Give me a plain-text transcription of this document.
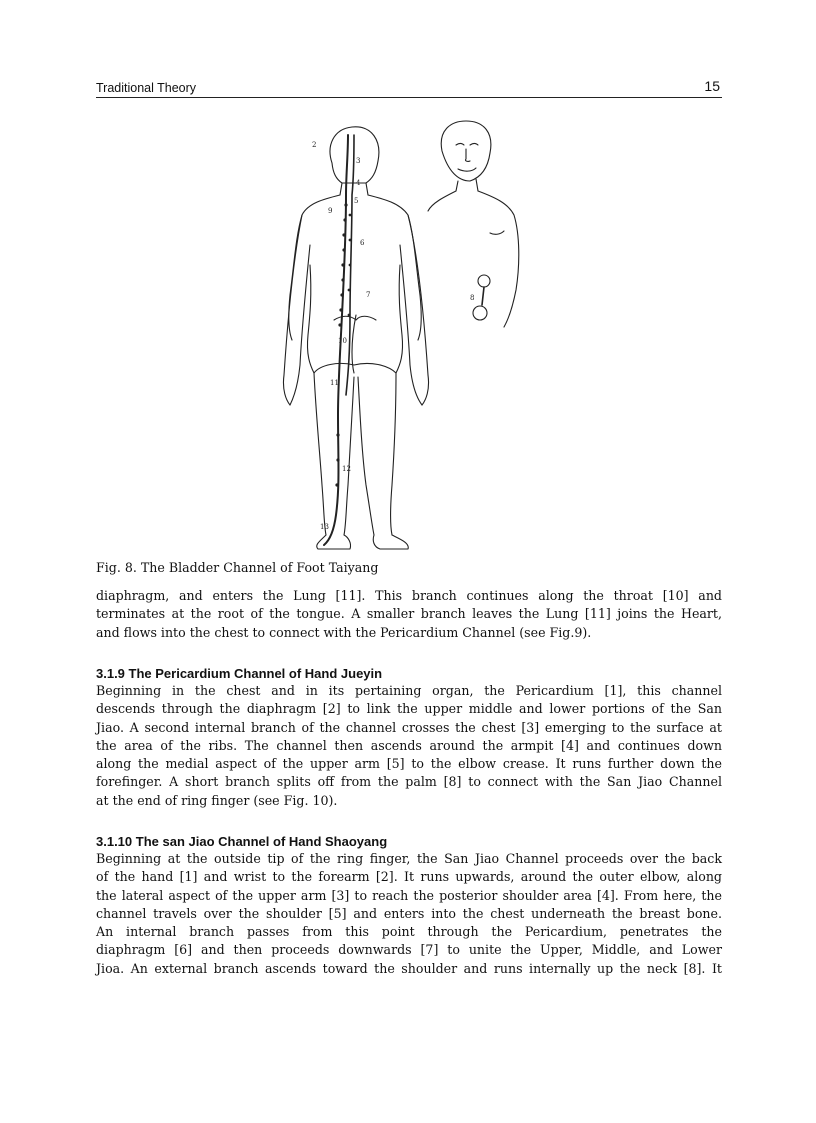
Traditional Theory	15
2
3
4
5
9
6
7	8
10
11
12
13
Fig. 8. The Bladder Channel of Foot Taiyang

diaphragm, and enters the Lung [11]. This branch continues along the throat [10] and
terminates at the root of the tongue. A smaller branch leaves the Lung [11] joins the Heart,
and flows into the chest to connect with the Pericardium Channel (see Fig.9).

3.1.9 The Pericardium Channel of Hand Jueyin

Beginning in the chest and in its pertaining organ, the Pericardium [1], this channel
descends through the diaphragm [2] to link the upper middle and lower portions of the San
Jiao. A second internal branch of the channel crosses the chest [3] emerging to the surface at
the area of the ribs. The channel then ascends around the armpit [4] and continues down
along the medial aspect of the upper arm [5] to the elbow crease. It runs further down the
forefinger. A short branch splits off from the palm [8] to connect with the San Jiao Channel
at the end of ring finger (see Fig. 10).

3.1.10 The san Jiao Channel of Hand Shaoyang

Beginning at the outside tip of the ring finger, the San Jiao Channel proceeds over the back
of the hand [1] and wrist to the forearm [2]. It runs upwards, around the outer elbow, along
the lateral aspect of the upper arm [3] to reach the posterior shoulder area [4]. From here, the
channel travels over the shoulder [5] and enters into the chest underneath the breast bone.
An internal branch passes from this point through the Pericardium, penetrates the
diaphragm [6] and then proceeds downwards [7] to unite the Upper, Middle, and Lower
Jioa. An external branch ascends toward the shoulder and runs internally up the neck [8]. It
